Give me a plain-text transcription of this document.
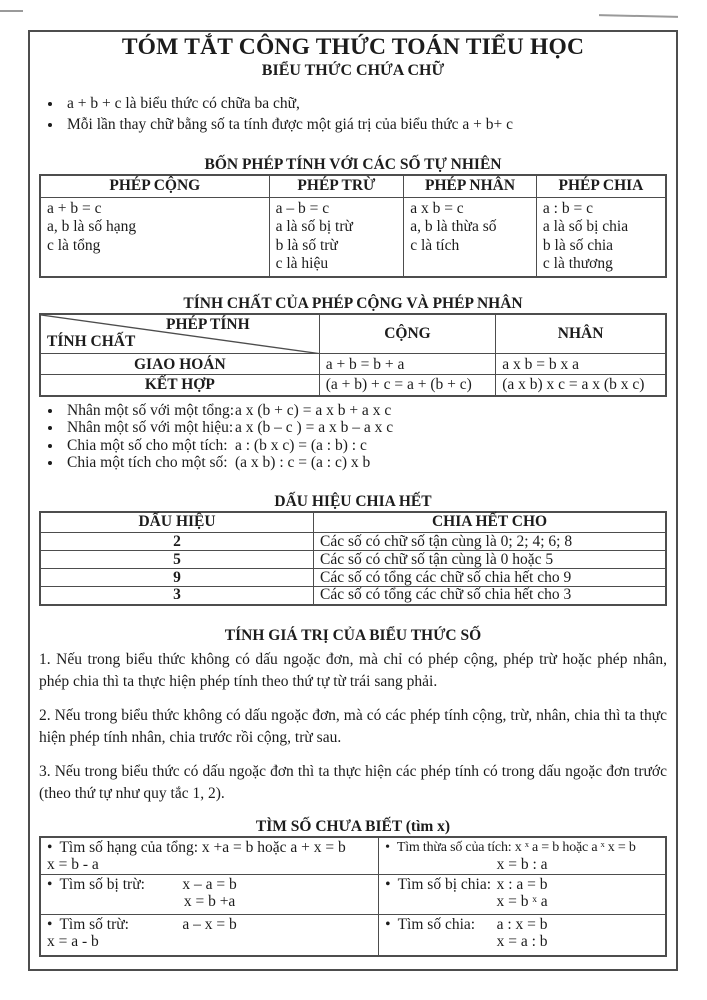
TÓM TẮT CÔNG THỨC TOÁN TIỂU HỌC
BIỂU THỨC CHỨA CHỮ
• a + b + c là biểu thức có chữa ba chữ,
• Mỗi lần thay chữ bằng số ta tính được một giá trị của biểu thức a + b+ c
BỐN PHÉP TÍNH VỚI CÁC SỐ TỰ NHIÊN
PHÉP CỘNG	PHÉP TRỪ	PHÉP NHÂN	PHÉP CHIA

a + b = c
a, b là số hạng
c là tổng

a – b = c
a là số bị trừ
b là số trừ
c là hiệu

a x b = c
a, b là thừa số
c là tích

a : b = c
a là số bị chia
b là số chia
c là thương
TÍNH CHẤT CỦA PHÉP CỘNG VÀ PHÉP NHÂN
PHÉP TÍNH
TÍNH CHẤT	CỘNG	NHÂN
GIAO HOÁN	a + b = b + a	a x b = b x a
KẾT HỢP	(a + b) + c = a + (b + c)	(a x b) x c = a x (b x c)
• Nhân một số với một tổng:a x (b + c) = a x b + a x c
• Nhân một số với một hiệu: a x (b – c ) = a x b – a x c
• Chia một số cho một tích: a : (b x c) = (a : b) : c
• Chia một tích cho một số: (a x b) : c = (a : c) x b
DẤU HIỆU CHIA HẾT
DẤU HIỆU	CHIA HẾT CHO
2	Các số có chữ số tận cùng là 0; 2; 4; 6; 8
5	Các số có chữ số tận cùng là 0 hoặc 5
9	Các số có tổng các chữ số chia hết cho 9
3	Các số có tổng các chữ số chia hết cho 3
TÍNH GIÁ TRỊ CỦA BIỂU THỨC SỐ

1. Nếu trong biểu thức không có dấu ngoặc đơn, mà chỉ có phép cộng, phép trừ hoặc phép nhân, phép chia thì ta thực hiện phép tính theo thứ tự từ trái sang phải.

2. Nếu trong biểu thức không có dấu ngoặc đơn, mà có các phép tính cộng, trừ, nhân, chia thì ta thực hiện phép tính nhân, chia trước rồi cộng, trừ sau.

3. Nếu trong biểu thức có dấu ngoặc đơn thì ta thực hiện các phép tính có trong dấu ngoặc đơn trước (theo thứ tự như quy tắc 1, 2).

TÌM SỐ CHƯA BIẾT (tìm x)
• Tìm số hạng của tổng: x +a = b hoặc a + x = b
x = b - a

• Tìm thừa số của tích: x ˣ a = b hoặc a ˣ x = b
x = b : a

• Tìm số bị trừ:	x – a = b
x = b +a

• Tìm số bị chia: x : a = b
x = b ˣ a

• Tìm số trừ:	a – x = b
x = a - b

• Tìm số chia:	a : x = b
x = a : b
